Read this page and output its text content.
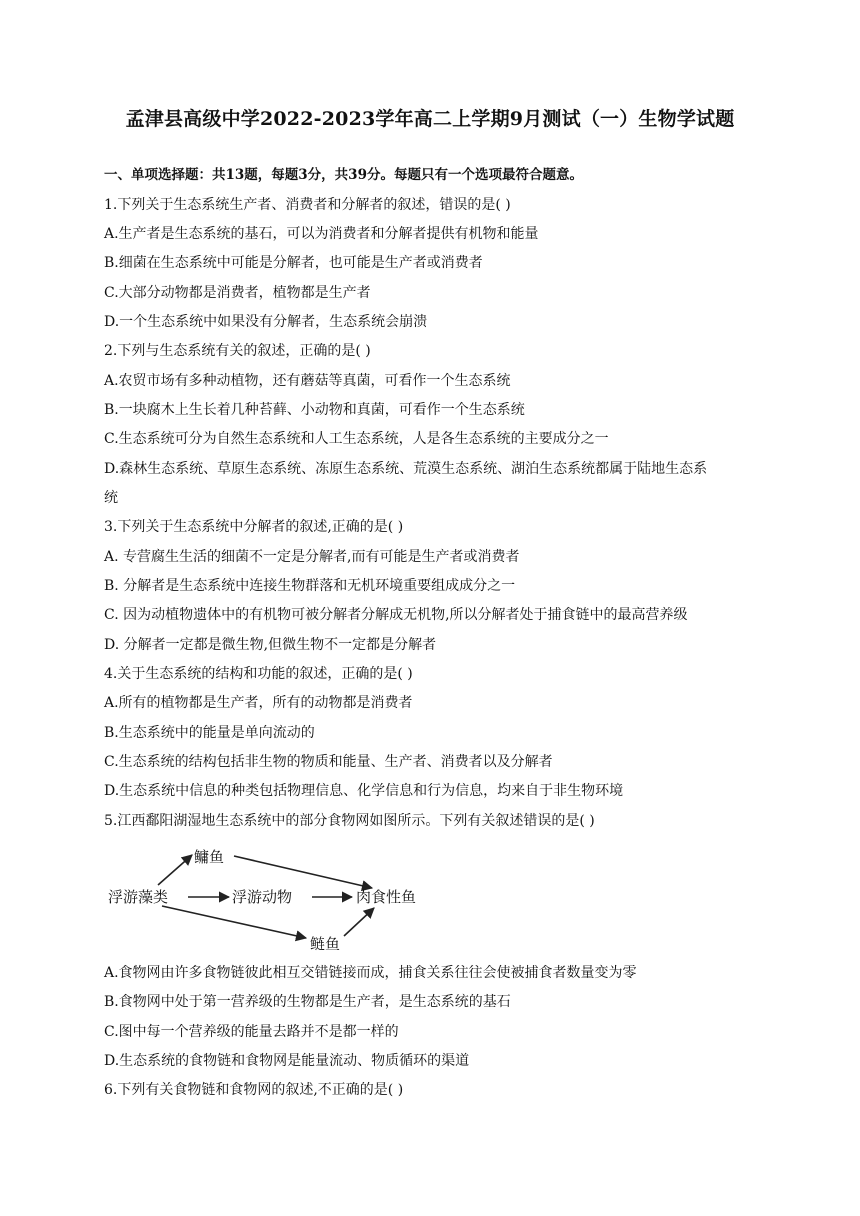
孟津县高级中学2022-2023学年高二上学期9月测试（一）生物学试题
一、单项选择题：共13题，每题3分，共39分。每题只有一个选项最符合题意。
1.下列关于生态系统生产者、消费者和分解者的叙述，错误的是( )
A.生产者是生态系统的基石，可以为消费者和分解者提供有机物和能量
B.细菌在生态系统中可能是分解者，也可能是生产者或消费者
C.大部分动物都是消费者，植物都是生产者
D.一个生态系统中如果没有分解者，生态系统会崩溃
2.下列与生态系统有关的叙述，正确的是( )
A.农贸市场有多种动植物，还有蘑菇等真菌，可看作一个生态系统
B.一块腐木上生长着几种苔藓、小动物和真菌，可看作一个生态系统
C.生态系统可分为自然生态系统和人工生态系统，人是各生态系统的主要成分之一
D.森林生态系统、草原生态系统、冻原生态系统、荒漠生态系统、湖泊生态系统都属于陆地生态系
统
3.下列关于生态系统中分解者的叙述,正确的是( )
A. 专营腐生生活的细菌不一定是分解者,而有可能是生产者或消费者
B. 分解者是生态系统中连接生物群落和无机环境重要组成成分之一
C. 因为动植物遗体中的有机物可被分解者分解成无机物,所以分解者处于捕食链中的最高营养级
D. 分解者一定都是微生物,但微生物不一定都是分解者
4.关于生态系统的结构和功能的叙述，正确的是( )
A.所有的植物都是生产者，所有的动物都是消费者
B.生态系统中的能量是单向流动的
C.生态系统的结构包括非生物的物质和能量、生产者、消费者以及分解者
D.生态系统中信息的种类包括物理信息、化学信息和行为信息，均来自于非生物环境
5.江西鄱阳湖湿地生态系统中的部分食物网如图所示。下列有关叙述错误的是( )
鳙鱼
浮游藻类	浮游动物	肉食性鱼
鲢鱼
A.食物网由许多食物链彼此相互交错链接而成，捕食关系往往会使被捕食者数量变为零
B.食物网中处于第一营养级的生物都是生产者，是生态系统的基石
C.图中每一个营养级的能量去路并不是都一样的
D.生态系统的食物链和食物网是能量流动、物质循环的渠道
6.下列有关食物链和食物网的叙述,不正确的是( )
